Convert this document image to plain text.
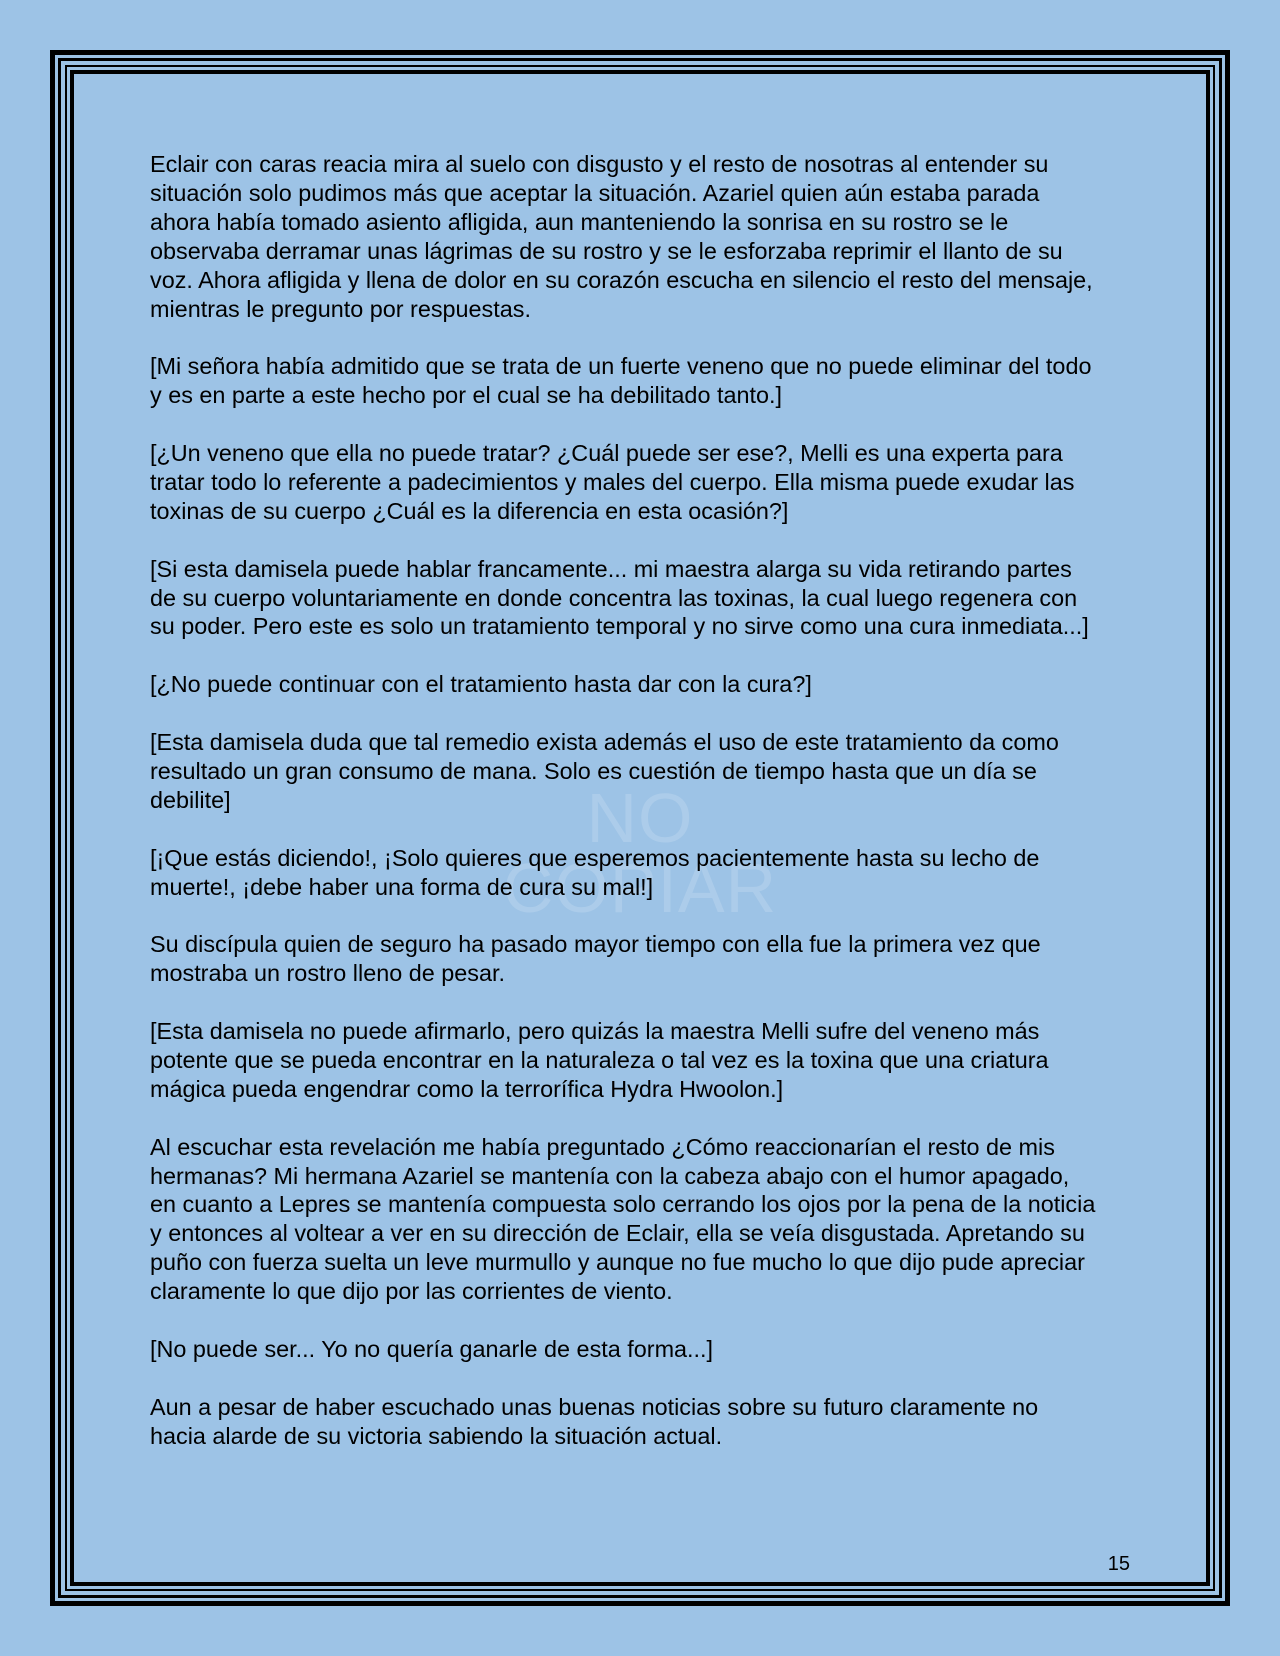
NO COPIAR

Eclair con caras reacia mira al suelo con disgusto y el resto de nosotras al entender su situación solo pudimos más que aceptar la situación. Azariel quien aún estaba parada ahora había tomado asiento afligida, aun manteniendo la sonrisa en su rostro se le observaba derramar unas lágrimas de su rostro y se le esforzaba reprimir el llanto de su voz. Ahora afligida y llena de dolor en su corazón escucha en silencio el resto del mensaje, mientras le pregunto por respuestas.

[Mi señora había admitido que se trata de un fuerte veneno que no puede eliminar del todo y es en parte a este hecho por el cual se ha debilitado tanto.]

[¿Un veneno que ella no puede tratar? ¿Cuál puede ser ese?, Melli es una experta para tratar todo lo referente a padecimientos y males del cuerpo. Ella misma puede exudar las toxinas de su cuerpo ¿Cuál es la diferencia en esta ocasión?]

[Si esta damisela puede hablar francamente... mi maestra alarga su vida retirando partes de su cuerpo voluntariamente en donde concentra las toxinas, la cual luego regenera con su poder. Pero este es solo un tratamiento temporal y no sirve como una cura inmediata...]

[¿No puede continuar con el tratamiento hasta dar con la cura?]

[Esta damisela duda que tal remedio exista además el uso de este tratamiento da como resultado un gran consumo de mana. Solo es cuestión de tiempo hasta que un día se debilite]

[¡Que estás diciendo!, ¡Solo quieres que esperemos pacientemente hasta su lecho de muerte!, ¡debe haber una forma de cura su mal!]

Su discípula quien de seguro ha pasado mayor tiempo con ella fue la primera vez que mostraba un rostro lleno de pesar.

[Esta damisela no puede afirmarlo, pero quizás la maestra Melli sufre del veneno más potente que se pueda encontrar en la naturaleza o tal vez es la toxina que una criatura mágica pueda engendrar como la terrorífica Hydra Hwoolon.]

Al escuchar esta revelación me había preguntado ¿Cómo reaccionarían el resto de mis hermanas? Mi hermana Azariel se mantenía con la cabeza abajo con el humor apagado, en cuanto a Lepres se mantenía compuesta solo cerrando los ojos por la pena de la noticia y entonces al voltear a ver en su dirección de Eclair, ella se veía disgustada. Apretando su puño con fuerza suelta un leve murmullo y aunque no fue mucho lo que dijo pude apreciar claramente lo que dijo por las corrientes de viento.

[No puede ser... Yo no quería ganarle de esta forma...]

Aun a pesar de haber escuchado unas buenas noticias sobre su futuro claramente no hacia alarde de su victoria sabiendo la situación actual.

15
